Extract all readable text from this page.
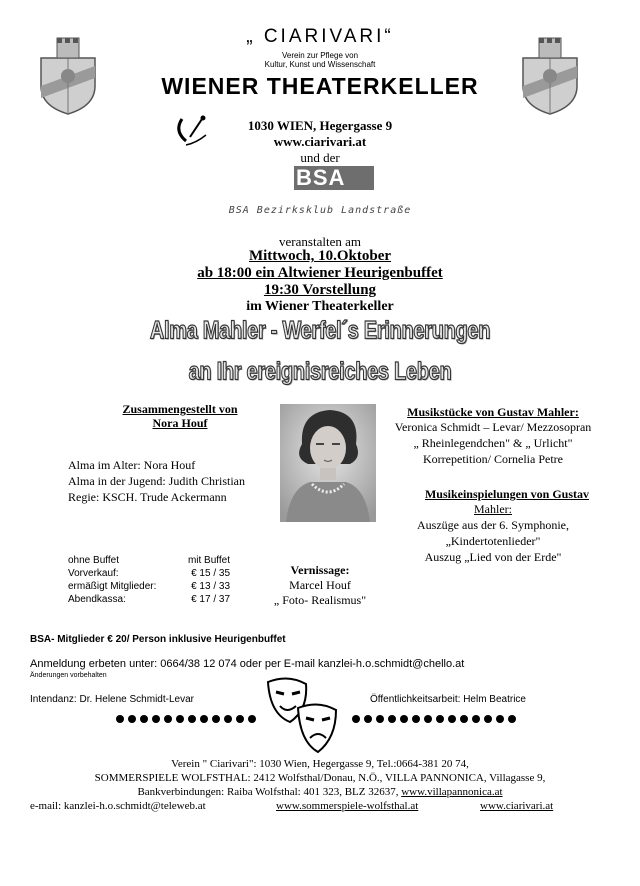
„ CIARIVARI“
Verein zur Pflege von
Kultur, Kunst und Wissenschaft
WIENER THEATERKELLER
1030 WIEN, Hegergasse 9
www.ciarivari.at
und der
BSA
BSA Bezirksklub Landstraße
veranstalten am
Mittwoch, 10.Oktober
ab 18:00 ein Altwiener Heurigenbuffet
19:30 Vorstellung
im Wiener Theaterkeller
Alma Mahler - Werfel´s Erinnerungen
an Ihr ereignisreiches Leben
Zusammengestellt von
Nora Houf
Alma im Alter: Nora Houf
Alma in der Jugend: Judith Christian
Regie: KSCH. Trude Ackermann
Musikstücke von Gustav Mahler:
Veronica Schmidt – Levar/ Mezzosopran
„ Rheinlegendchen" & „ Urlicht"
Korrepetition/ Cornelia Petre
Musikeinspielungen von Gustav
Mahler:
Auszüge aus der 6. Symphonie,
„Kindertotenlieder"
Auszug „Lied von der Erde"
ohne Buffet	mit Buffet
Vorverkauf:	€ 15 / 35
ermäßigt Mitglieder:	€ 13 / 33
Abendkassa:	€ 17 / 37
Vernissage:
Marcel Houf
„ Foto- Realismus"
BSA- Mitglieder € 20/ Person inklusive Heurigenbuffet
Anmeldung erbeten unter: 0664/38 12 074 oder per E-mail kanzlei-h.o.schmidt@chello.at
Änderungen vorbehalten
Intendanz: Dr. Helene Schmidt-Levar	Öffentlichkeitsarbeit: Helm Beatrice
Verein " Ciarivari": 1030 Wien, Hegergasse 9, Tel.:0664-381 20 74,
SOMMERSPIELE WOLFSTHAL: 2412 Wolfsthal/Donau, N.Ö., VILLA PANNONICA, Villagasse 9,
Bankverbindungen: Raiba Wolfsthal: 401 323, BLZ 32637, www.villapannonica.at
e-mail: kanzlei-h.o.schmidt@teleweb.at	www.sommerspiele-wolfsthal.at	www.ciarivari.at
